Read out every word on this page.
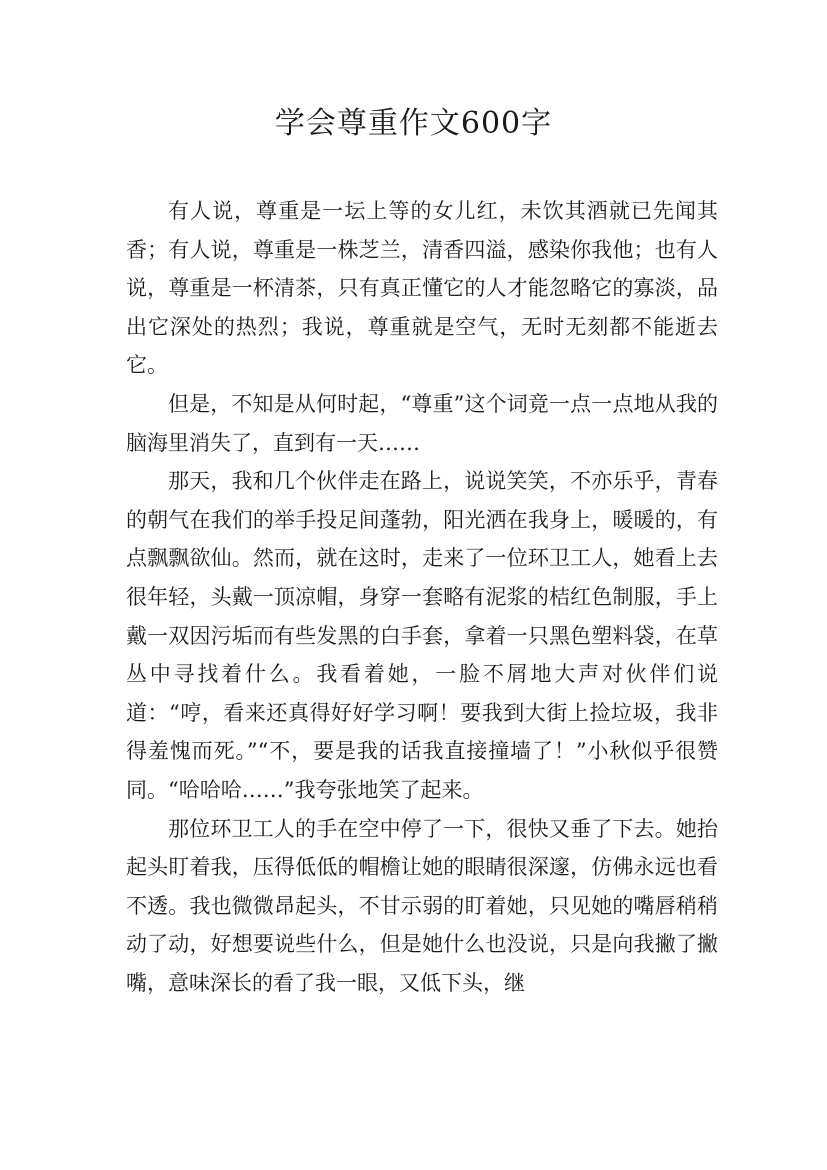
学会尊重作文600字

有人说，尊重是一坛上等的女儿红，未饮其酒就已先闻其香；有人说，尊重是一株芝兰，清香四溢，感染你我他；也有人说，尊重是一杯清茶，只有真正懂它的人才能忽略它的寡淡，品出它深处的热烈；我说，尊重就是空气，无时无刻都不能逝去它。

但是，不知是从何时起，“尊重”这个词竟一点一点地从我的脑海里消失了，直到有一天……

那天，我和几个伙伴走在路上，说说笑笑，不亦乐乎，青春的朝气在我们的举手投足间蓬勃，阳光洒在我身上，暖暖的，有点飘飘欲仙。然而，就在这时，走来了一位环卫工人，她看上去很年轻，头戴一顶凉帽，身穿一套略有泥浆的桔红色制服，手上戴一双因污垢而有些发黑的白手套，拿着一只黑色塑料袋，在草丛中寻找着什么。我看着她，一脸不屑地大声对伙伴们说道：“哼，看来还真得好好学习啊！要我到大街上捡垃圾，我非得羞愧而死。”“不，要是我的话我直接撞墙了！”小秋似乎很赞同。“哈哈哈……”我夸张地笑了起来。

那位环卫工人的手在空中停了一下，很快又垂了下去。她抬起头盯着我，压得低低的帽檐让她的眼睛很深邃，仿佛永远也看不透。我也微微昂起头，不甘示弱的盯着她，只见她的嘴唇稍稍动了动，好想要说些什么，但是她什么也没说，只是向我撇了撇嘴，意味深长的看了我一眼，又低下头，继
